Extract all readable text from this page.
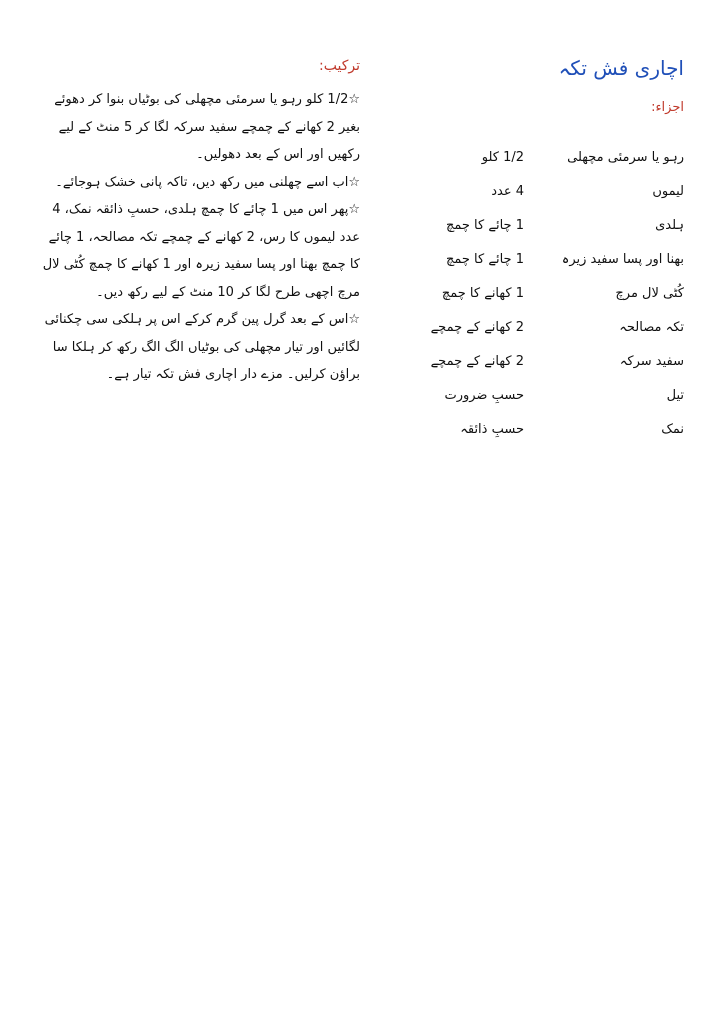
اچاری فش تکہ
اجزاء:
رہو یا سرمئی مچھلی
1/2 کلو
لیموں
4 عدد
ہلدی
1 چائے کا چمچ
بھنا اور پسا سفید زیرہ
1 چائے کا چمچ
کُٹی لال مرچ
1 کھانے کا چمچ
تکہ مصالحہ
2 کھانے کے چمچے
سفید سرکہ
2 کھانے کے چمچے
تیل
حسبِ ضرورت
نمک
حسبِ ذائقہ
ترکیب:

☆1/2 کلو رہو یا سرمئی مچھلی کی بوٹیاں بنوا کر دھوئے بغیر 2 کھانے کے چمچے سفید سرکہ لگا کر 5 منٹ کے لیے رکھیں اور اس کے بعد دھولیں۔

☆اب اسے چھلنی میں رکھ دیں، تاکہ پانی خشک ہوجائے۔

☆پھر اس میں 1 چائے کا چمچ ہلدی، حسبِ ذائقہ نمک، 4 عدد لیموں کا رس، 2 کھانے کے چمچے تکہ مصالحہ، 1 چائے کا چمچ بھنا اور پسا سفید زیرہ اور 1 کھانے کا چمچ کُٹی لال مرچ اچھی طرح لگا کر 10 منٹ کے لیے رکھ دیں۔

☆اس کے بعد گرل پین گرم کرکے اس پر ہلکی سی چکنائی لگائیں اور تیار مچھلی کی بوٹیاں الگ الگ رکھ کر ہلکا سا براؤن کرلیں۔ مزے دار اچاری فش تکہ تیار ہے۔
